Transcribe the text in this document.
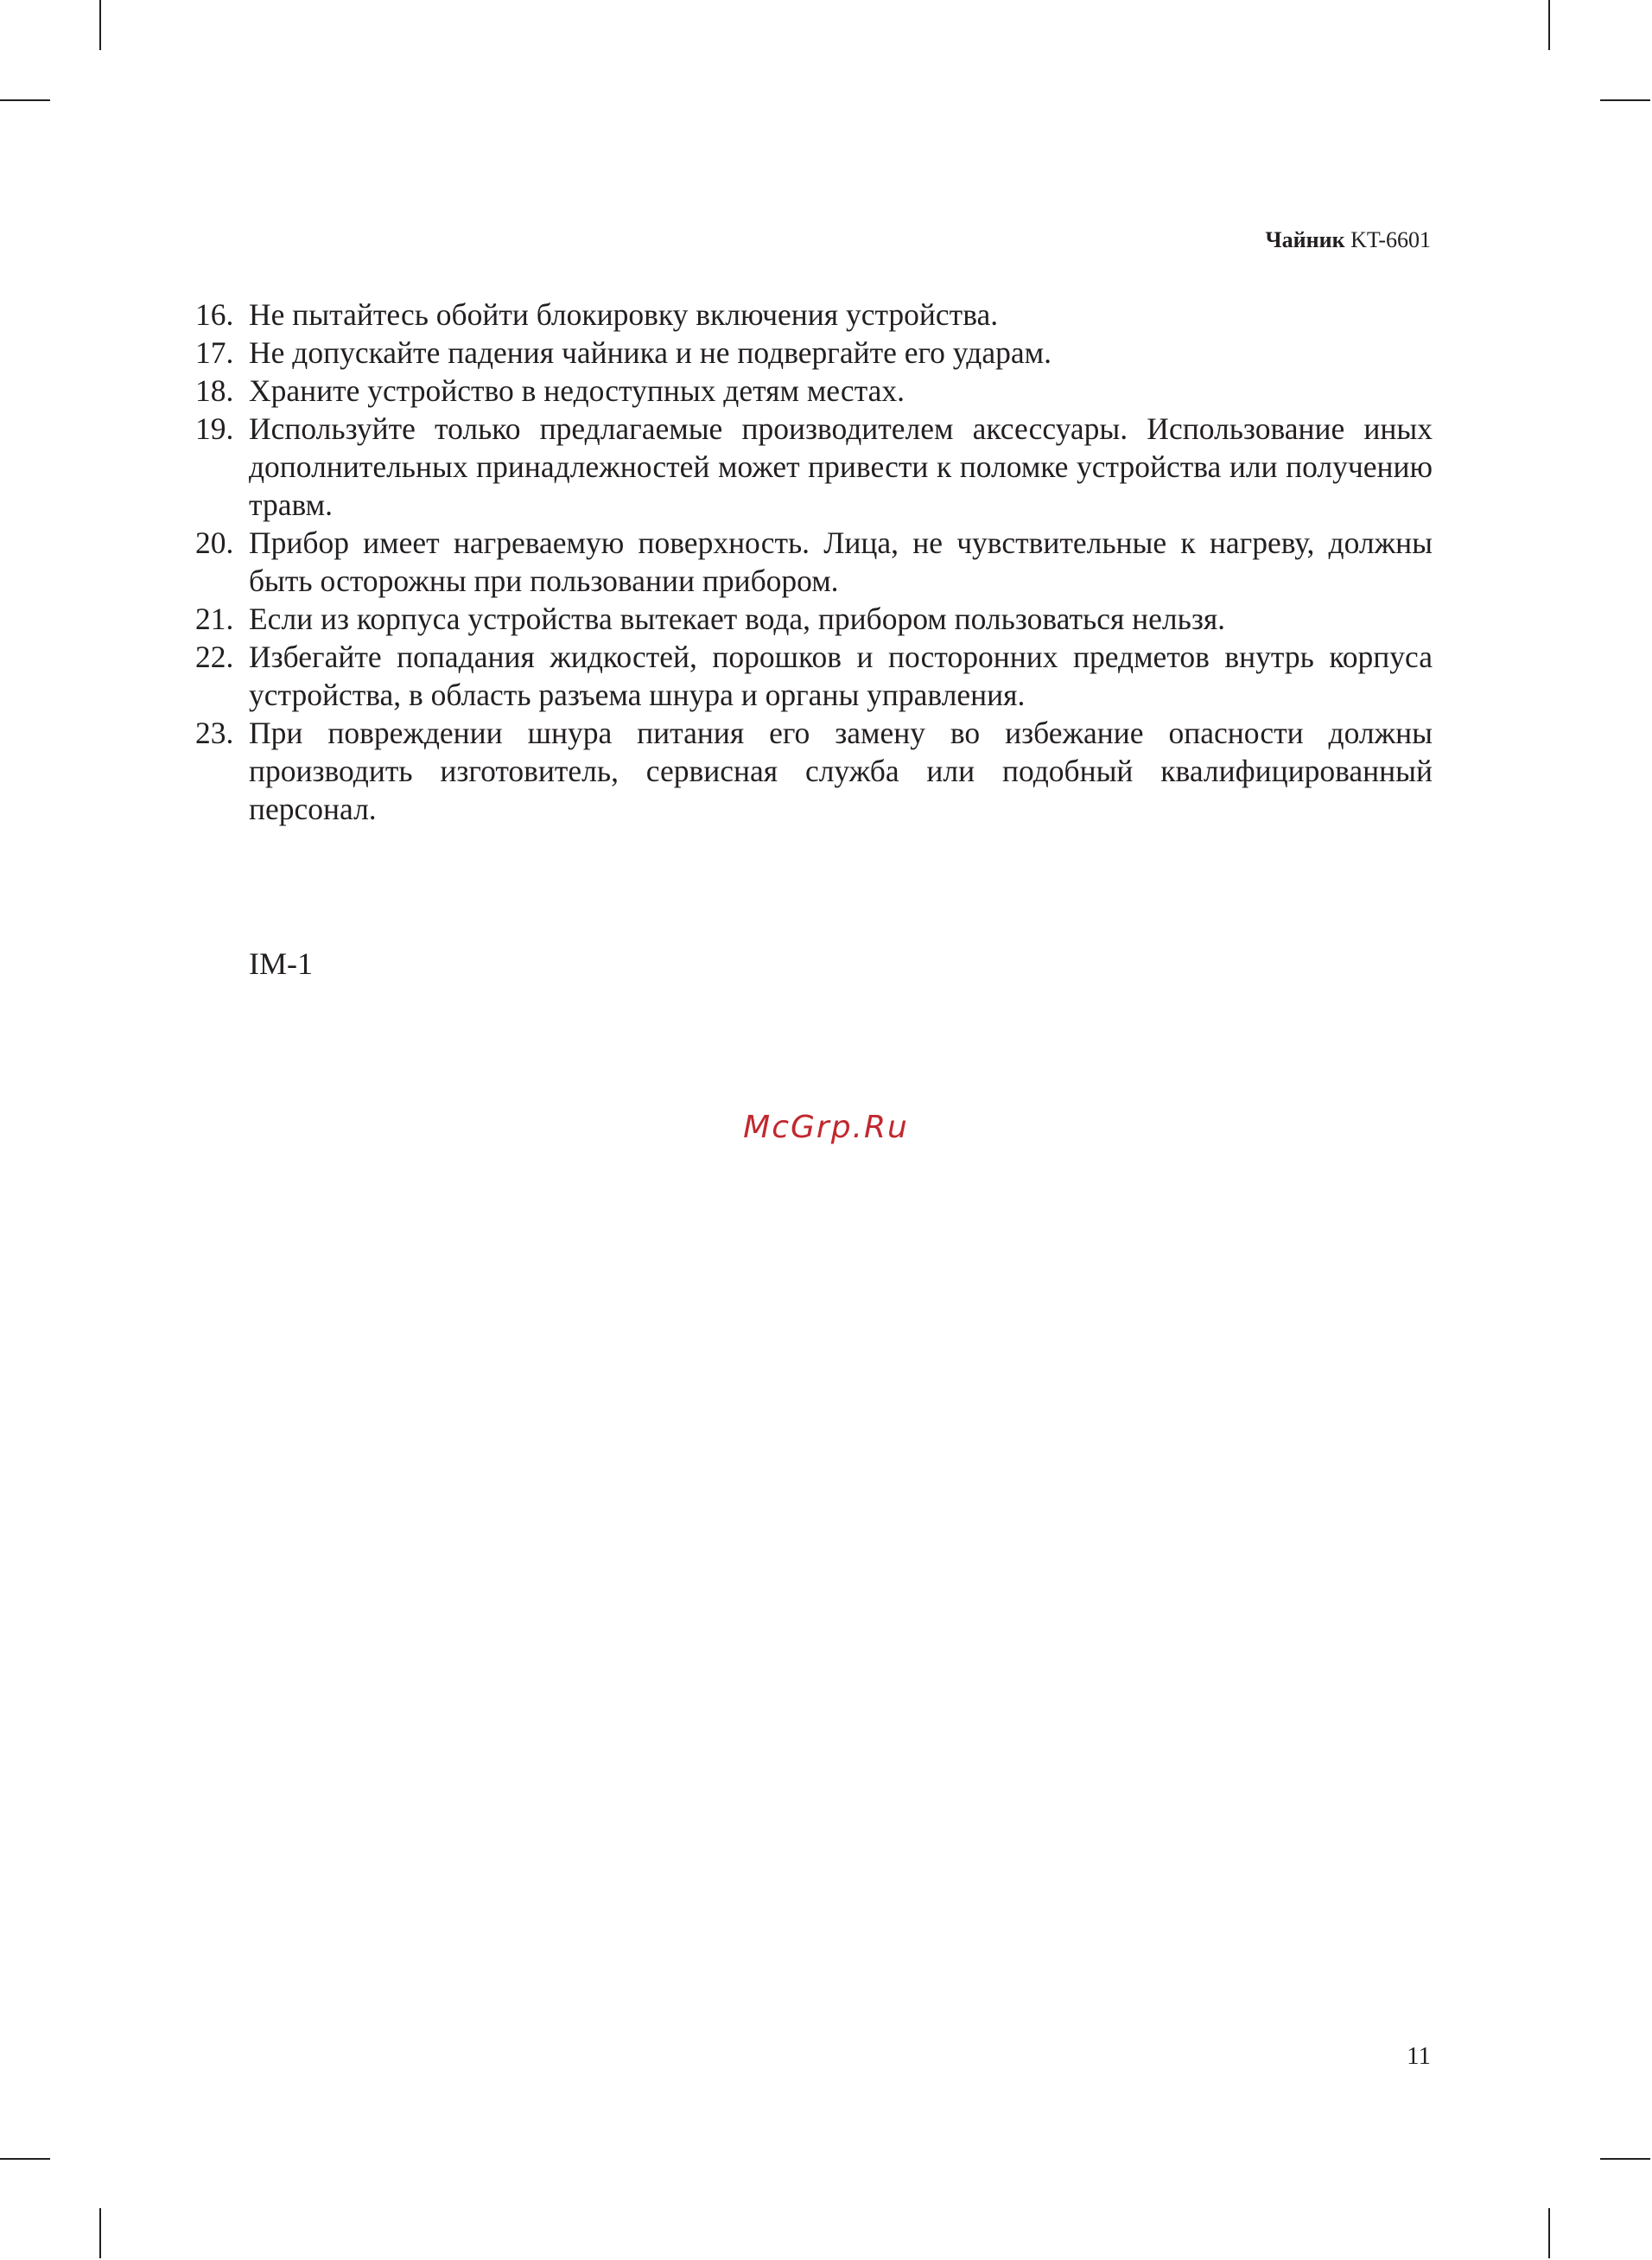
Чайник KT-6601
16. Не пытайтесь обойти блокировку включения устройства.
17. Не допускайте падения чайника и не подвергайте его ударам.
18. Храните устройство в недоступных детям местах.
19. Используйте только предлагаемые производителем аксессуары. Использование иных дополнительных принадлежностей может привести к поломке устройства или получению травм.
20. Прибор имеет нагреваемую поверхность. Лица, не чувствительные к нагреву, должны быть осторожны при пользовании прибором.
21. Если из корпуса устройства вытекает вода, прибором пользоваться нельзя.
22. Избегайте попадания жидкостей, порошков и посторонних предметов внутрь корпуса устройства, в область разъема шнура и органы управления.
23. При повреждении шнура питания его замену во избежание опасности должны производить изготовитель, сервисная служба или подобный квалифицированный персонал.
IM-1
McGrp.Ru
11
